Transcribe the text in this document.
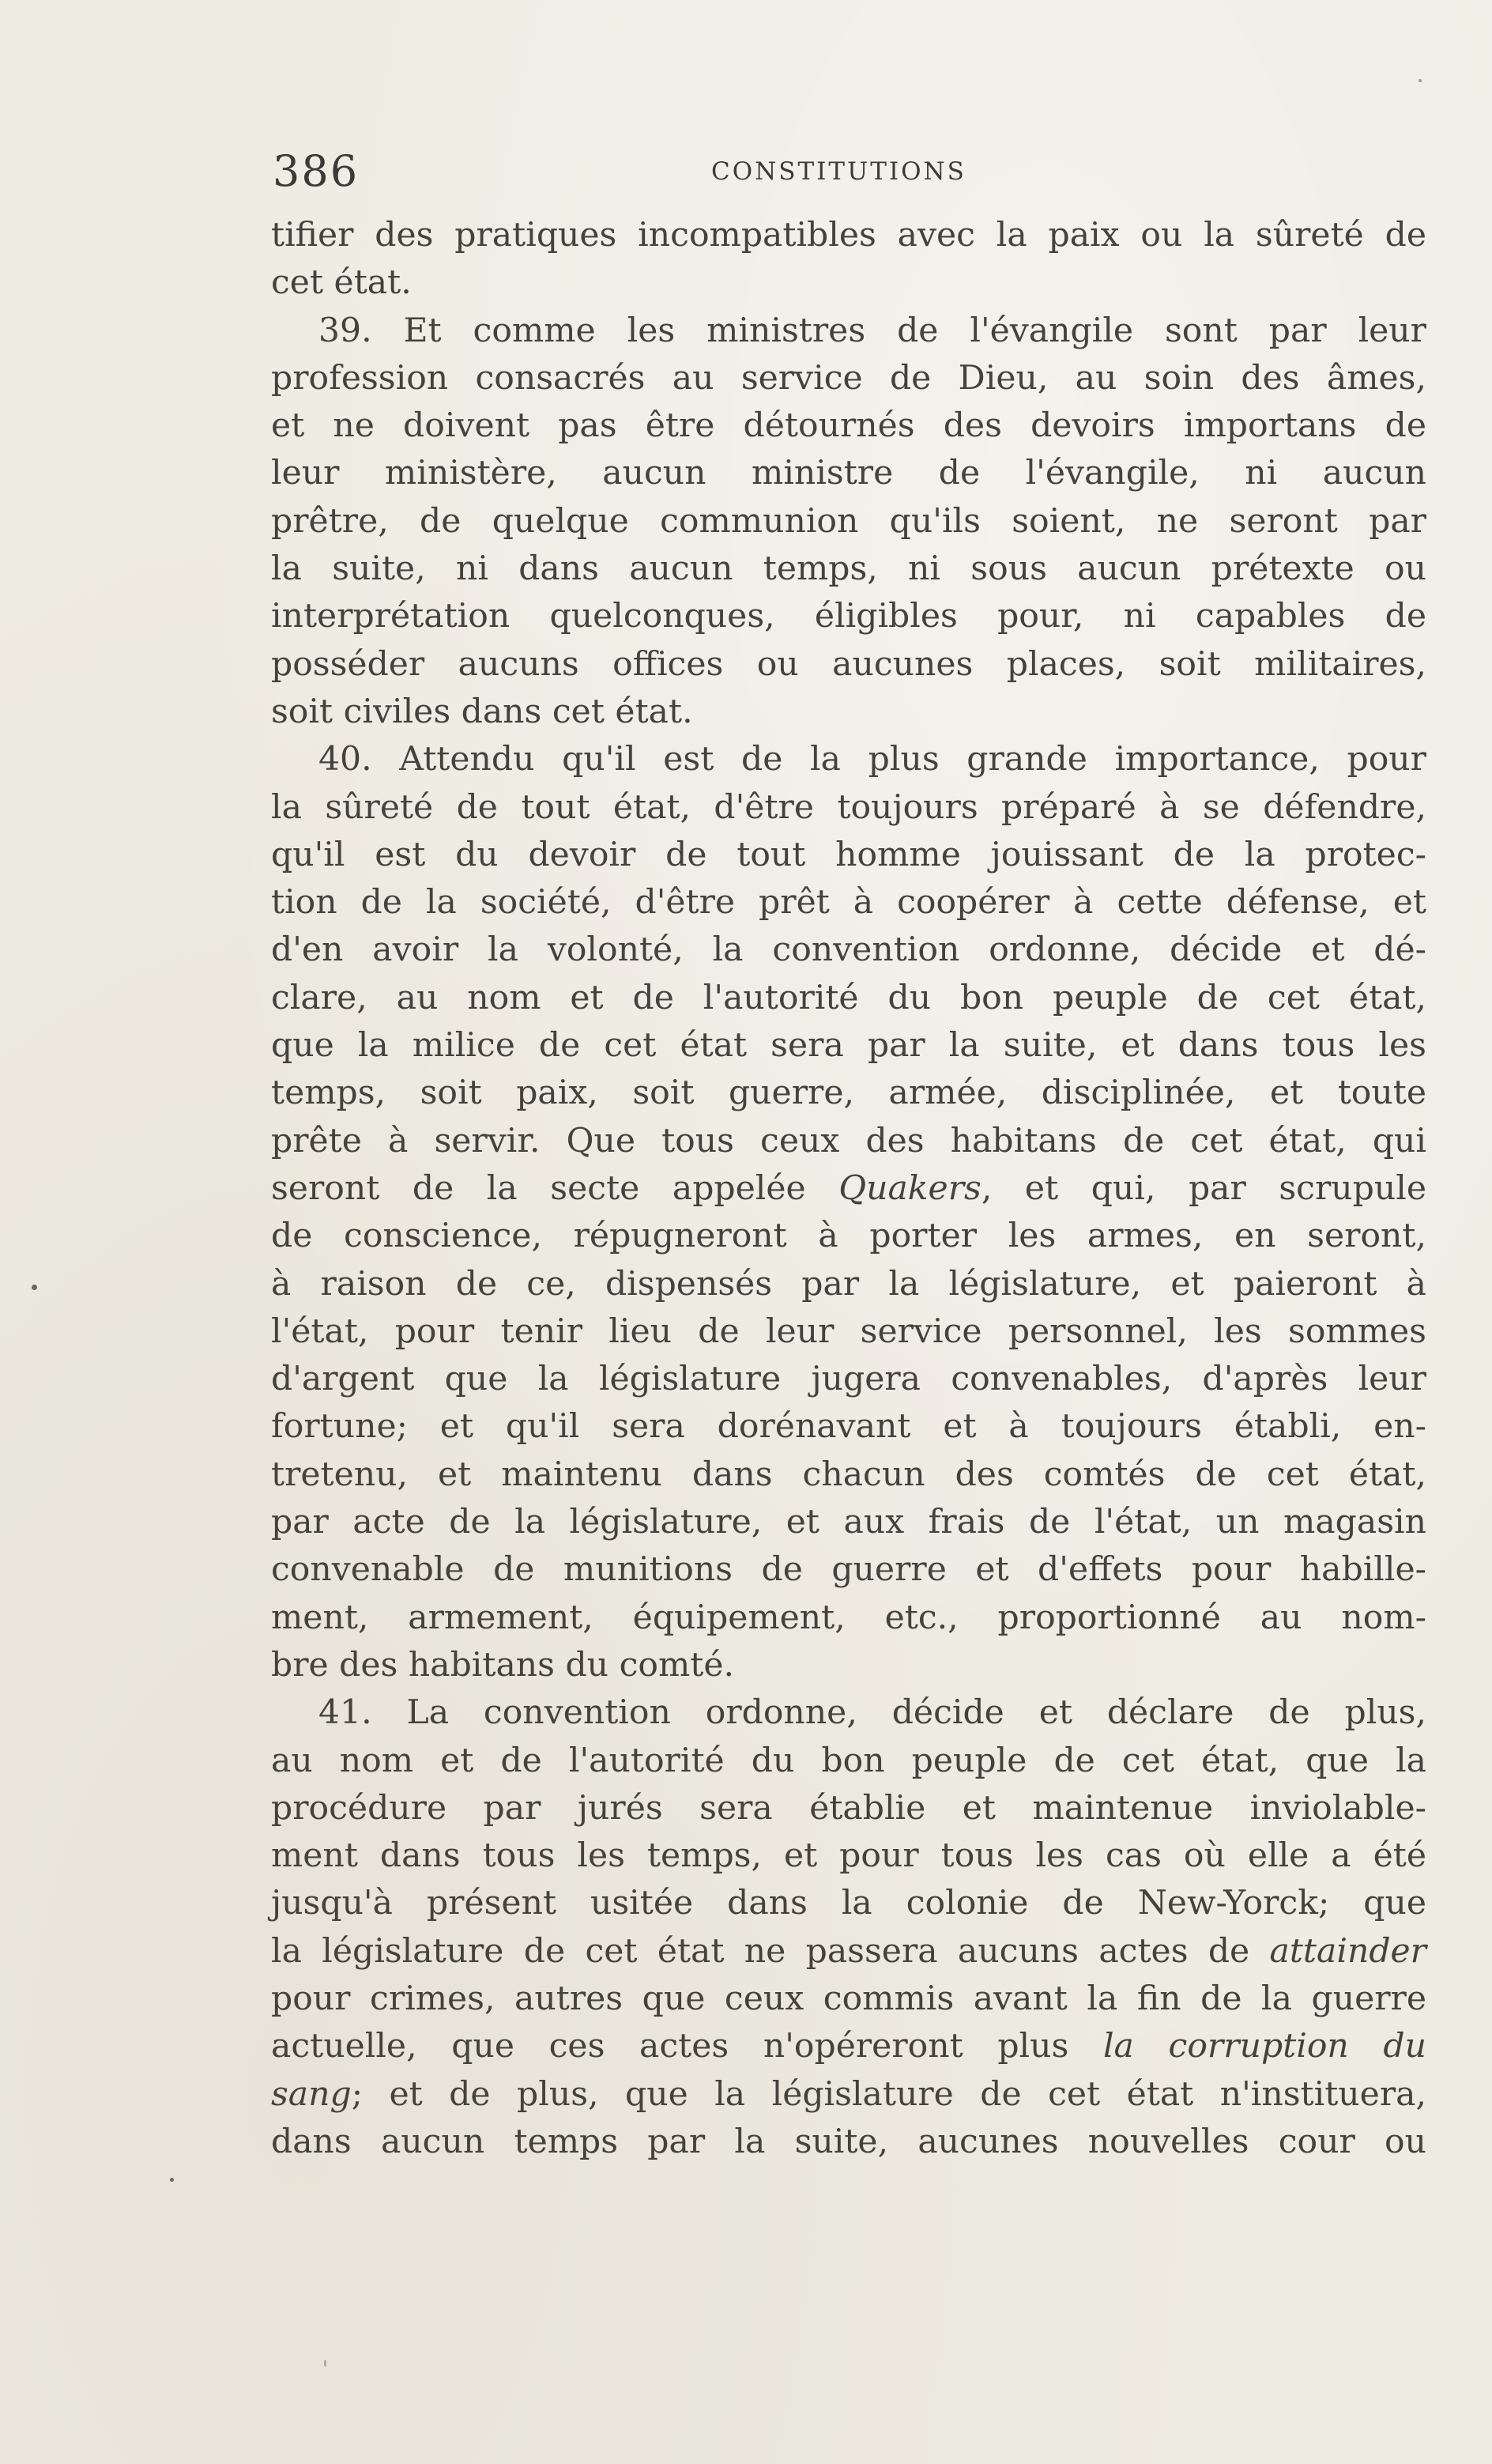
386	CONSTITUTIONS
tifier des pratiques incompatibles avec la paix ou la sûreté de
cet état.
39. Et comme les ministres de l'évangile sont par leur
profession consacrés au service de Dieu, au soin des âmes,
et ne doivent pas être détournés des devoirs importans de
leur ministère, aucun ministre de l'évangile, ni aucun
prêtre, de quelque communion qu'ils soient, ne seront par
la suite, ni dans aucun temps, ni sous aucun prétexte ou
interprétation quelconques, éligibles pour, ni capables de
posséder aucuns offices ou aucunes places, soit militaires,
soit civiles dans cet état.
40. Attendu qu'il est de la plus grande importance, pour
la sûreté de tout état, d'être toujours préparé à se défendre,
qu'il est du devoir de tout homme jouissant de la protec-
tion de la société, d'être prêt à coopérer à cette défense, et
d'en avoir la volonté, la convention ordonne, décide et dé-
clare, au nom et de l'autorité du bon peuple de cet état,
que la milice de cet état sera par la suite, et dans tous les
temps, soit paix, soit guerre, armée, disciplinée, et toute
prête à servir. Que tous ceux des habitans de cet état, qui
seront de la secte appelée Quakers, et qui, par scrupule
de conscience, répugneront à porter les armes, en seront,
à raison de ce, dispensés par la législature, et paieront à
l'état, pour tenir lieu de leur service personnel, les sommes
d'argent que la législature jugera convenables, d'après leur
fortune; et qu'il sera dorénavant et à toujours établi, en-
tretenu, et maintenu dans chacun des comtés de cet état,
par acte de la législature, et aux frais de l'état, un magasin
convenable de munitions de guerre et d'effets pour habille-
ment, armement, équipement, etc., proportionné au nom-
bre des habitans du comté.
41. La convention ordonne, décide et déclare de plus,
au nom et de l'autorité du bon peuple de cet état, que la
procédure par jurés sera établie et maintenue inviolable-
ment dans tous les temps, et pour tous les cas où elle a été
jusqu'à présent usitée dans la colonie de New-Yorck; que
la législature de cet état ne passera aucuns actes de attainder
pour crimes, autres que ceux commis avant la fin de la guerre
actuelle, que ces actes n'opéreront plus la corruption du
sang; et de plus, que la législature de cet état n'instituera,
dans aucun temps par la suite, aucunes nouvelles cour ou
